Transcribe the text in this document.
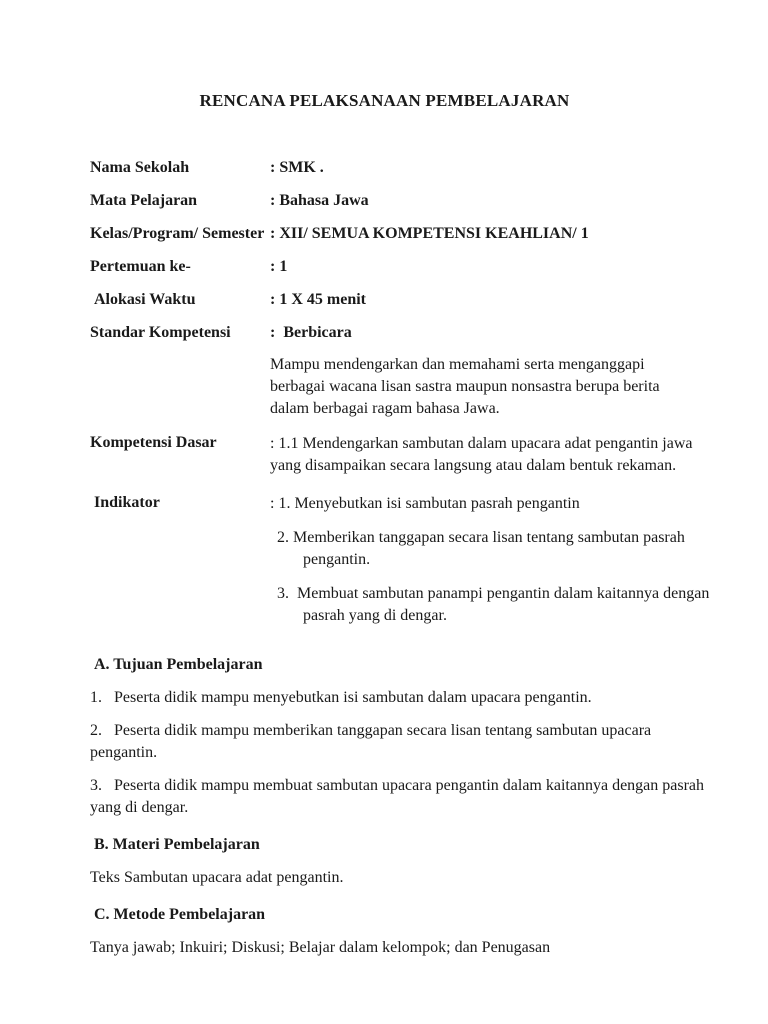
RENCANA PELAKSANAAN PEMBELAJARAN
Nama Sekolah	: SMK .
Mata Pelajaran	: Bahasa Jawa
Kelas/Program/ Semester : XII/ SEMUA KOMPETENSI KEAHLIAN/ 1
Pertemuan ke-	: 1
Alokasi Waktu	: 1 X 45 menit
Standar Kompetensi	:  Berbicara
Mampu mendengarkan dan memahami serta menganggapi berbagai wacana lisan sastra maupun nonsastra berupa berita dalam berbagai ragam bahasa Jawa.
Kompetensi Dasar	: 1.1 Mendengarkan sambutan dalam upacara adat pengantin jawa yang disampaikan secara langsung atau dalam bentuk rekaman.
Indikator	: 1. Menyebutkan isi sambutan pasrah pengantin
2. Memberikan tanggapan secara lisan tentang sambutan pasrah pengantin.
3.  Membuat sambutan panampi pengantin dalam kaitannya dengan pasrah yang di dengar.
A. Tujuan Pembelajaran

1.   Peserta didik mampu menyebutkan isi sambutan dalam upacara pengantin.

2.   Peserta didik mampu memberikan tanggapan secara lisan tentang sambutan upacara pengantin.

3.   Peserta didik mampu membuat sambutan upacara pengantin dalam kaitannya dengan pasrah yang di dengar.

B. Materi Pembelajaran

Teks Sambutan upacara adat pengantin.

C. Metode Pembelajaran

Tanya jawab; Inkuiri; Diskusi; Belajar dalam kelompok; dan Penugasan
